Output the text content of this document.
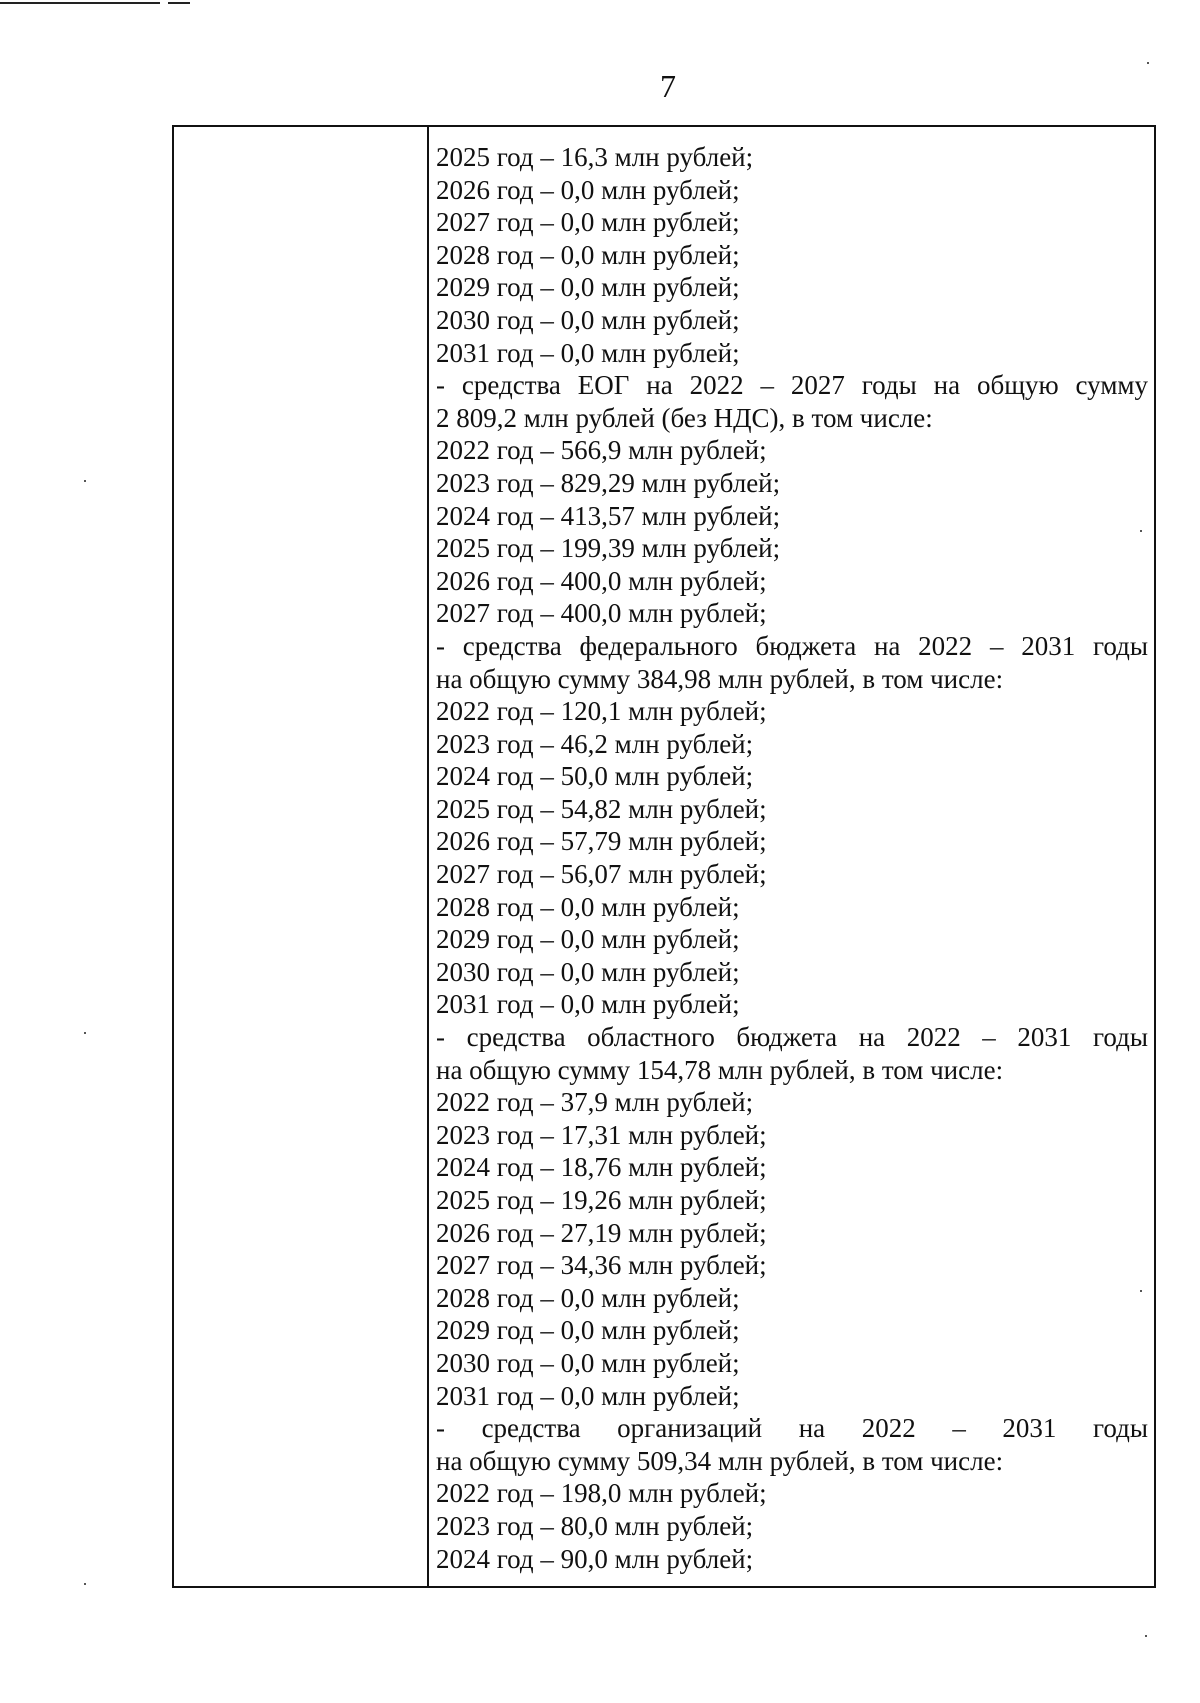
7
2025 год – 16,3 млн рублей;
2026 год – 0,0 млн рублей;
2027 год – 0,0 млн рублей;
2028 год – 0,0 млн рублей;
2029 год – 0,0 млн рублей;
2030 год – 0,0 млн рублей;
2031 год – 0,0 млн рублей;
- средства ЕОГ на 2022 – 2027 годы на общую сумму
2 809,2 млн рублей (без НДС), в том числе:
2022 год – 566,9 млн рублей;
2023 год – 829,29 млн рублей;
2024 год – 413,57 млн рублей;
2025 год – 199,39 млн рублей;
2026 год – 400,0 млн рублей;
2027 год – 400,0 млн рублей;
- средства федерального бюджета на 2022 – 2031 годы
на общую сумму 384,98 млн рублей, в том числе:
2022 год – 120,1 млн рублей;
2023 год – 46,2 млн рублей;
2024 год – 50,0 млн рублей;
2025 год – 54,82 млн рублей;
2026 год – 57,79 млн рублей;
2027 год – 56,07 млн рублей;
2028 год – 0,0 млн рублей;
2029 год – 0,0 млн рублей;
2030 год – 0,0 млн рублей;
2031 год – 0,0 млн рублей;
- средства областного бюджета на 2022 – 2031 годы
на общую сумму 154,78 млн рублей, в том числе:
2022 год – 37,9 млн рублей;
2023 год – 17,31 млн рублей;
2024 год – 18,76 млн рублей;
2025 год – 19,26 млн рублей;
2026 год – 27,19 млн рублей;
2027 год – 34,36 млн рублей;
2028 год – 0,0 млн рублей;
2029 год – 0,0 млн рублей;
2030 год – 0,0 млн рублей;
2031 год – 0,0 млн рублей;
- средства организаций на 2022 – 2031 годы
на общую сумму 509,34 млн рублей, в том числе:
2022 год – 198,0 млн рублей;
2023 год – 80,0 млн рублей;
2024 год – 90,0 млн рублей;
